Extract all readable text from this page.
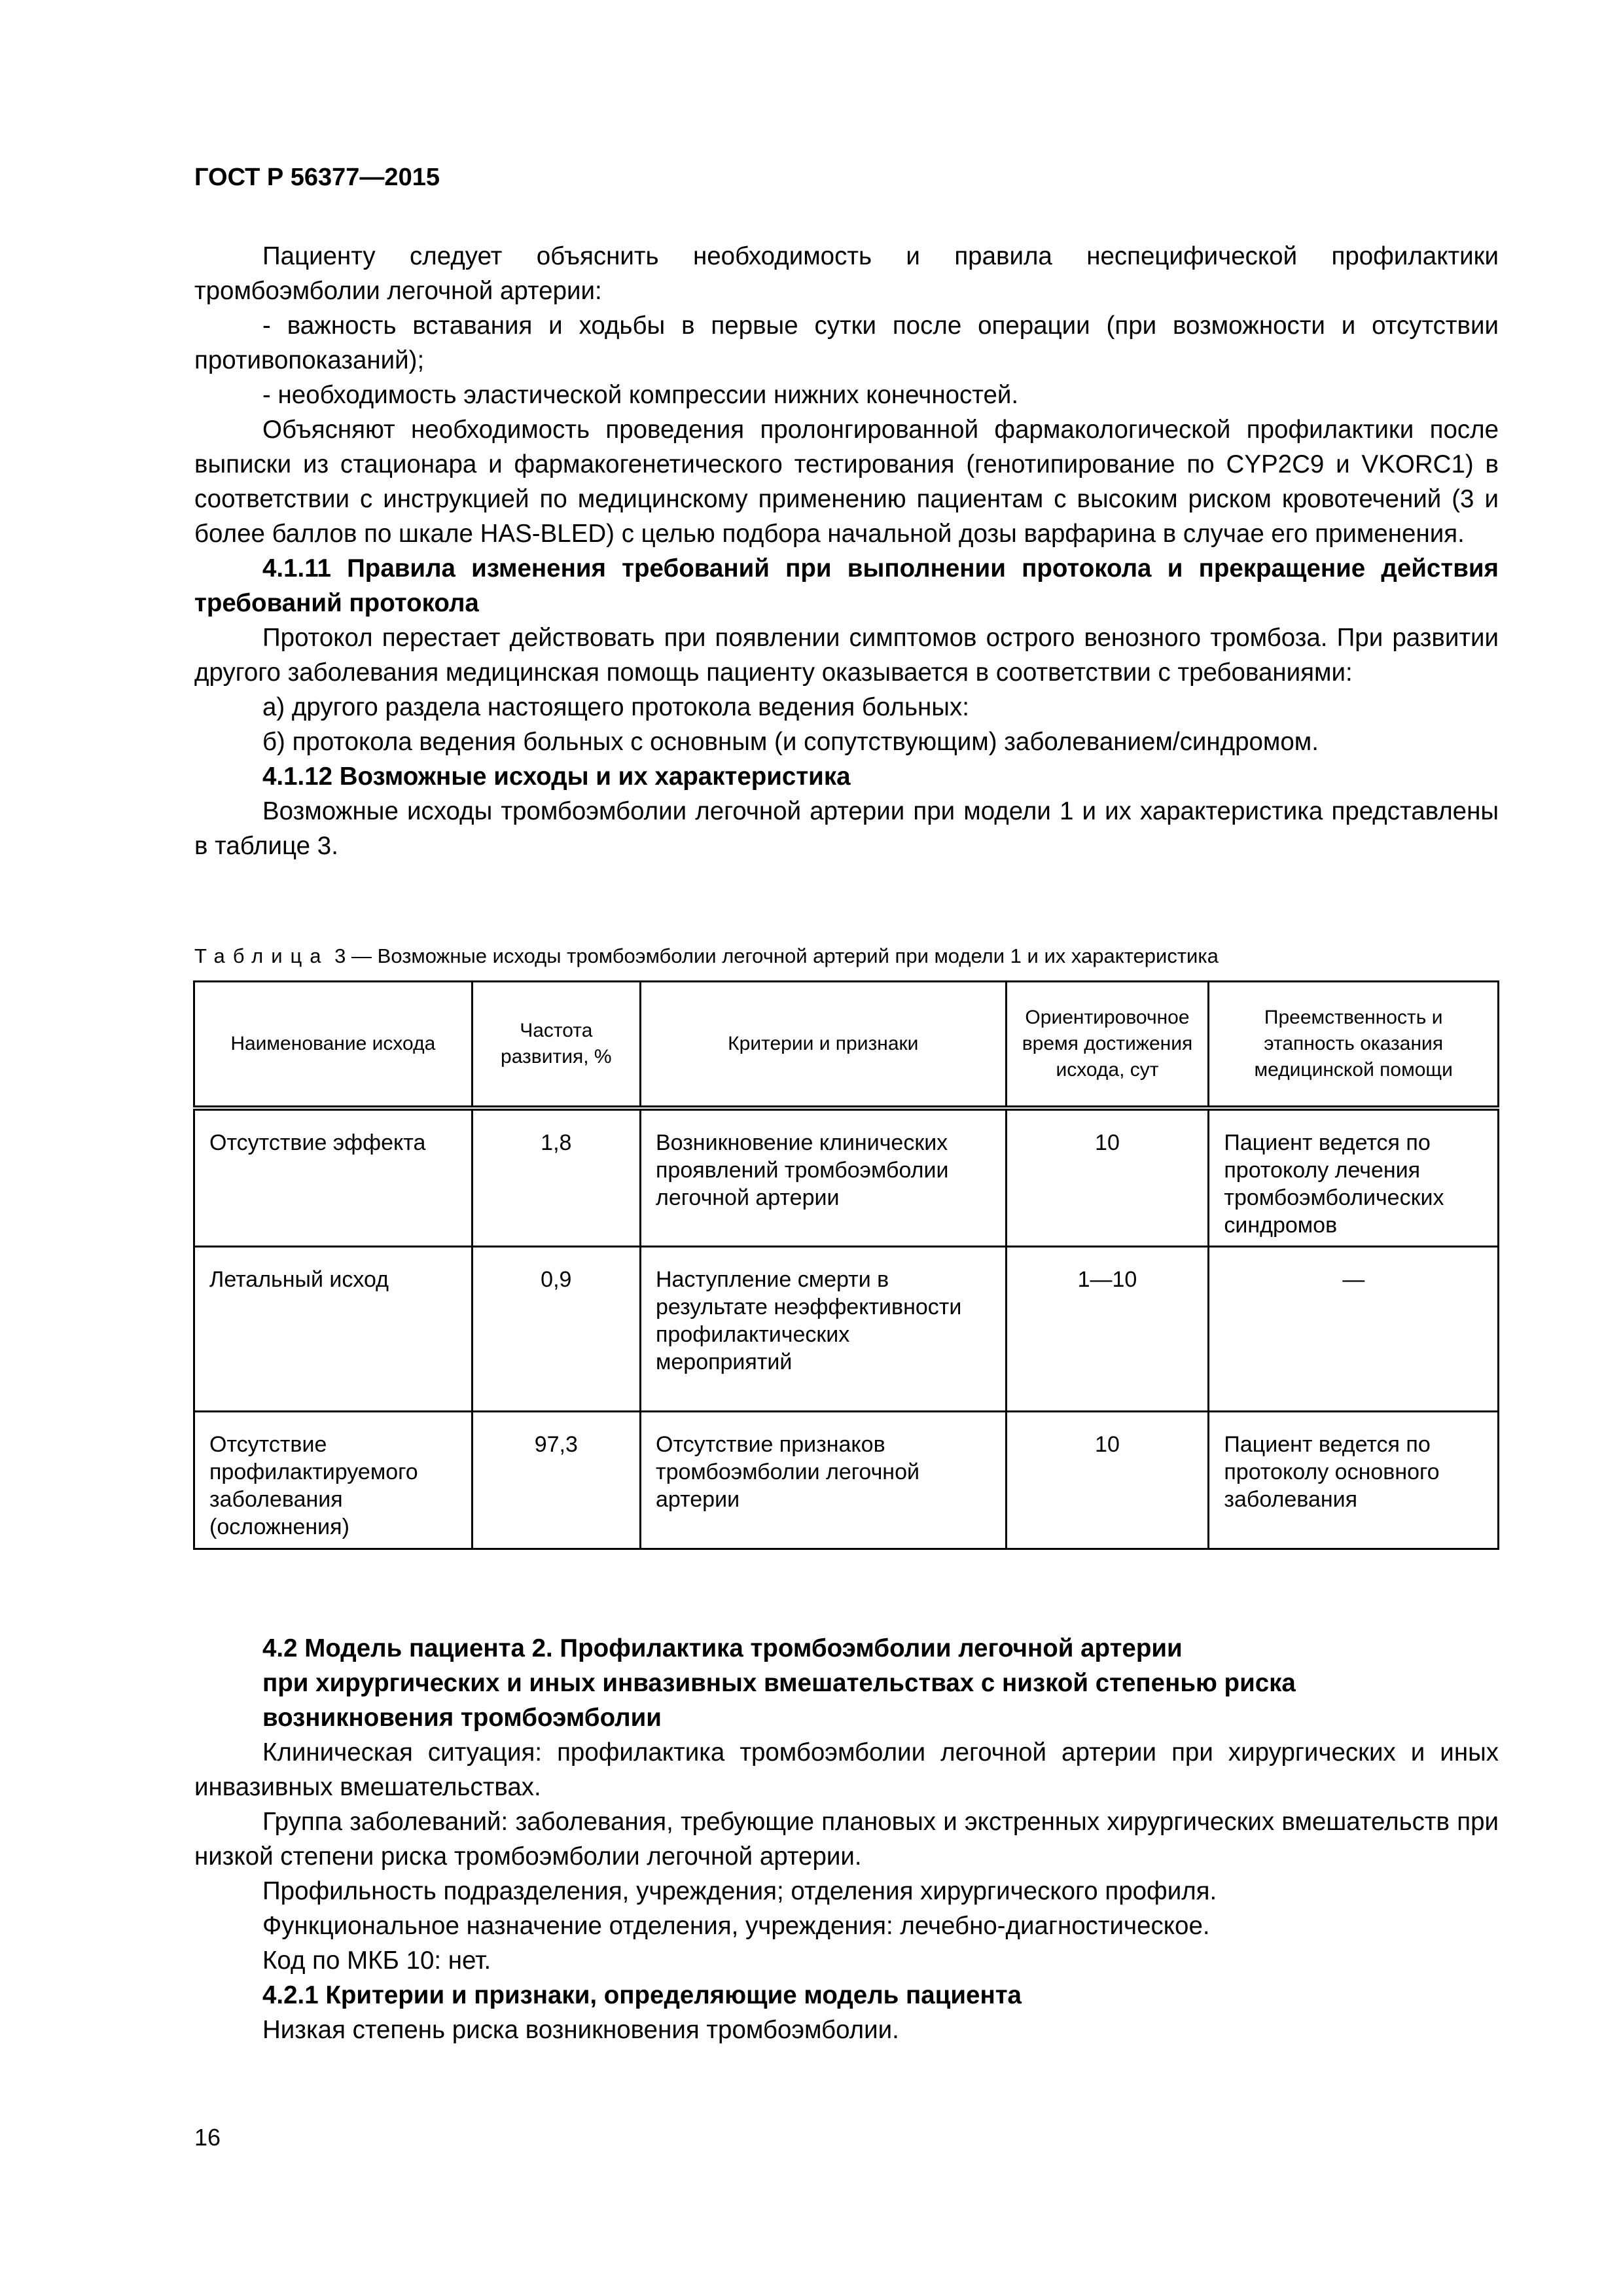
ГОСТ Р 56377—2015

Пациенту следует объяснить необходимость и правила неспецифической профилактики тромбоэмболии легочной артерии:

- важность вставания и ходьбы в первые сутки после операции (при возможности и отсутствии противопоказаний);

- необходимость эластической компрессии нижних конечностей.

Объясняют необходимость проведения пролонгированной фармакологической профилактики после выписки из стационара и фармакогенетического тестирования (генотипирование по CYP2C9 и VKORC1) в соответствии с инструкцией по медицинскому применению пациентам с высоким риском кровотечений (3 и более баллов по шкале HAS-BLED) с целью подбора начальной дозы варфарина в случае его применения.

4.1.11 Правила изменения требований при выполнении протокола и прекращение действия требований протокола

Протокол перестает действовать при появлении симптомов острого венозного тромбоза. При развитии другого заболевания медицинская помощь пациенту оказывается в соответствии с требованиями:

а) другого раздела настоящего протокола ведения больных:

б) протокола ведения больных с основным (и сопутствующим) заболеванием/синдромом.

4.1.12 Возможные исходы и их характеристика

Возможные исходы тромбоэмболии легочной артерии при модели 1 и их характеристика представлены в таблице 3.

Таблица 3 — Возможные исходы тромбоэмболии легочной артерий при модели 1 и их характеристика
Наименование исхода	Частота развития, %	Критерии и признаки	Ориентировочное время достижения исхода, сут	Преемственность и этапность оказания медицинской помощи
Отсутствие эффекта	1,8	Возникновение клинических проявлений тромбоэмболии легочной артерии	10	Пациент ведется по протоколу лечения тромбоэмболических синдромов
Летальный исход	0,9	Наступление смерти в результате неэффективности профилактических мероприятий	1—10	—
Отсутствие профилактируемого заболевания (осложнения)	97,3	Отсутствие признаков тромбоэмболии легочной артерии	10	Пациент ведется по протоколу основного заболевания
4.2 Модель пациента 2. Профилактика тромбоэмболии легочной артерии
при хирургических и иных инвазивных вмешательствах с низкой степенью риска
возникновения тромбоэмболии

Клиническая ситуация: профилактика тромбоэмболии легочной артерии при хирургических и иных инвазивных вмешательствах.

Группа заболеваний: заболевания, требующие плановых и экстренных хирургических вмешательств при низкой степени риска тромбоэмболии легочной артерии.

Профильность подразделения, учреждения; отделения хирургического профиля.

Функциональное назначение отделения, учреждения: лечебно-диагностическое.

Код по МКБ 10: нет.

4.2.1 Критерии и признаки, определяющие модель пациента

Низкая степень риска возникновения тромбоэмболии.

16
